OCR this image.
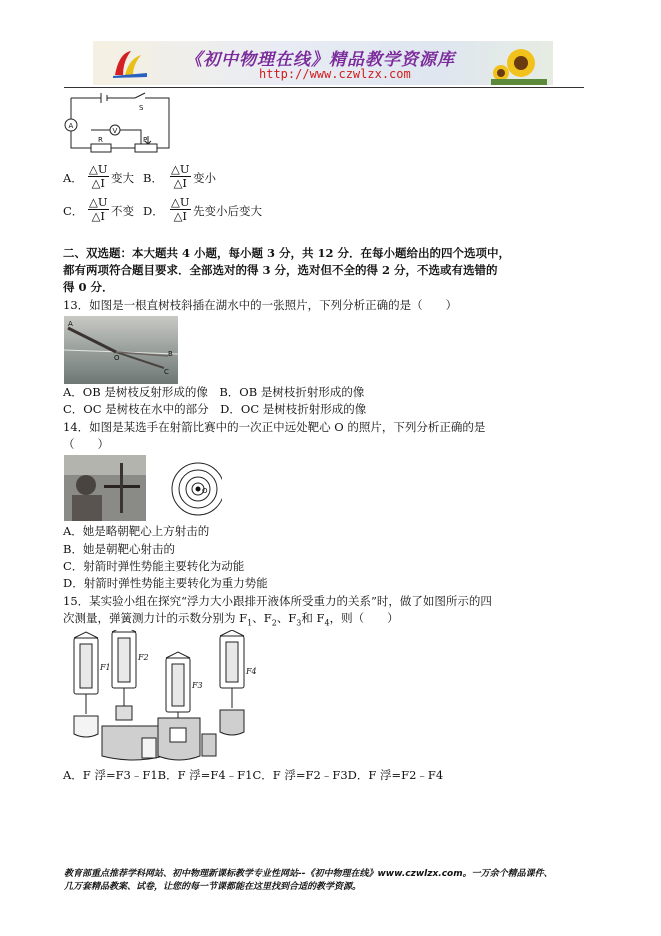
《初中物理在线》精品教学资源库
http://www.czwlzx.com
A
V
R	P
S
A． $\frac{\triangle U}{\triangle I}$ 变大 B． $\frac{\triangle U}{\triangle I}$ 变小
C． $\frac{\triangle U}{\triangle I}$ 不变 D． $\frac{\triangle U}{\triangle I}$ 先变小后变大
二、双选题：本大题共 4 小题，每小题 3 分，共 12 分．在每小题给出的四个选项中，
都有两项符合题目要求．全部选对的得 3 分，选对但不全的得 2 分，不选或有选错的
得 0 分．
13．如图是一根直树枝斜插在湖水中的一张照片，下列分析正确的是（　　）
A
O	B
C
A．OB 是树枝反射形成的像　B．OB 是树枝折射形成的像
C．OC 是树枝在水中的部分　D．OC 是树枝折射形成的像
14．如图是某选手在射箭比赛中的一次正中远处靶心 O 的照片，下列分析正确的是
（　　）
O
A．她是略朝靶心上方射击的
B．她是朝靶心射击的
C．射箭时弹性势能主要转化为动能
D．射箭时弹性势能主要转化为重力势能
15．某实验小组在探究“浮力大小跟排开液体所受重力的关系”时，做了如图所示的四
次测量，弹簧测力计的示数分别为 $F_1$、$F_2$、$F_3$和 $F_4$，则（　　）
F1
F2
F3
F4
A．F 浮=F3﹣F1B．F 浮=F4﹣F1C．F 浮=F2﹣F3D．F 浮=F2﹣F4
教育部重点推荐学科网站、初中物理新课标教学专业性网站--《初中物理在线》www.czwlzx.com。一万余个精品课件、
几万套精品教案、试卷，让您的每一节课都能在这里找到合适的教学资源。
